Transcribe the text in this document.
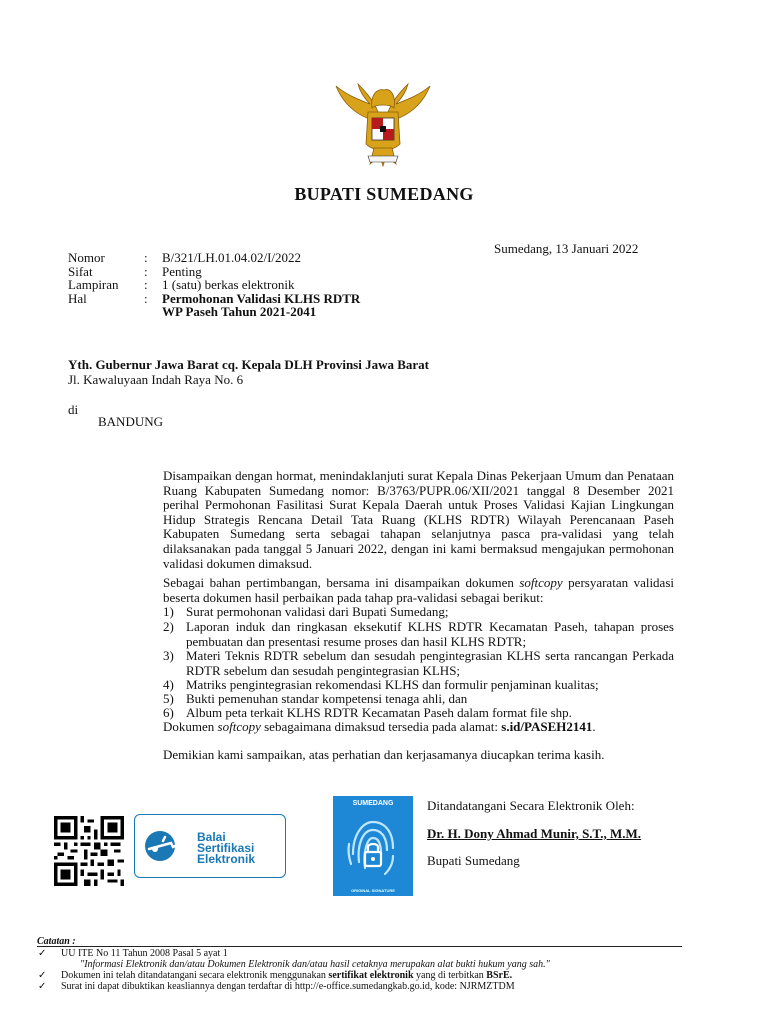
BUPATI SUMEDANG
Sumedang, 13 Januari 2022
Nomor	: B/321/LH.01.04.02/I/2022
Sifat	: Penting
Lampiran : 1 (satu) berkas elektronik
Hal	: Permohonan Validasi KLHS RDTR
WP Paseh Tahun 2021-2041
Yth. Gubernur Jawa Barat cq. Kepala DLH Provinsi Jawa Barat
Jl. Kawaluyaan Indah Raya No. 6
di
BANDUNG
Disampaikan dengan hormat, menindaklanjuti surat Kepala Dinas Pekerjaan Umum dan Penataan Ruang Kabupaten Sumedang nomor: B/3763/PUPR.06/XII/2021 tanggal 8 Desember 2021 perihal Permohonan Fasilitasi Surat Kepala Daerah untuk Proses Validasi Kajian Lingkungan Hidup Strategis Rencana Detail Tata Ruang (KLHS RDTR) Wilayah Perencanaan Paseh Kabupaten Sumedang serta sebagai tahapan selanjutnya pasca pra-validasi yang telah dilaksanakan pada tanggal 5 Januari 2022, dengan ini kami bermaksud mengajukan permohonan validasi dokumen dimaksud.
Sebagai bahan pertimbangan, bersama ini disampaikan dokumen softcopy persyaratan validasi beserta dokumen hasil perbaikan pada tahap pra-validasi sebagai berikut:
1) Surat permohonan validasi dari Bupati Sumedang;
2) Laporan induk dan ringkasan eksekutif KLHS RDTR Kecamatan Paseh, tahapan proses pembuatan dan presentasi resume proses dan hasil KLHS RDTR;
3) Materi Teknis RDTR sebelum dan sesudah pengintegrasian KLHS serta rancangan Perkada RDTR sebelum dan sesudah pengintegrasian KLHS;
4) Matriks pengintegrasian rekomendasi KLHS dan formulir penjaminan kualitas;
5) Bukti pemenuhan standar kompetensi tenaga ahli, dan
6) Album peta terkait KLHS RDTR Kecamatan Paseh dalam format file shp.
Dokumen softcopy sebagaimana dimaksud tersedia pada alamat: s.id/PASEH2141.
Demikian kami sampaikan, atas perhatian dan kerjasamanya diucapkan terima kasih.
Balai
Sertifikasi
Elektronik
SUMEDANG
ORIGINAL SIGNATURE
Ditandatangani Secara Elektronik Oleh:
Dr. H. Dony Ahmad Munir, S.T., M.M.
Bupati Sumedang
Catatan :
✓ UU ITE No 11 Tahun 2008 Pasal 5 ayat 1
"Informasi Elektronik dan/atau Dokumen Elektronik dan/atau hasil cetaknya merupakan alat bukti hukum yang sah."
✓ Dokumen ini telah ditandatangani secara elektronik menggunakan sertifikat elektronik yang di terbitkan BSrE.
✓ Surat ini dapat dibuktikan keasliannya dengan terdaftar di http://e-office.sumedangkab.go.id, kode: NJRMZTDM
